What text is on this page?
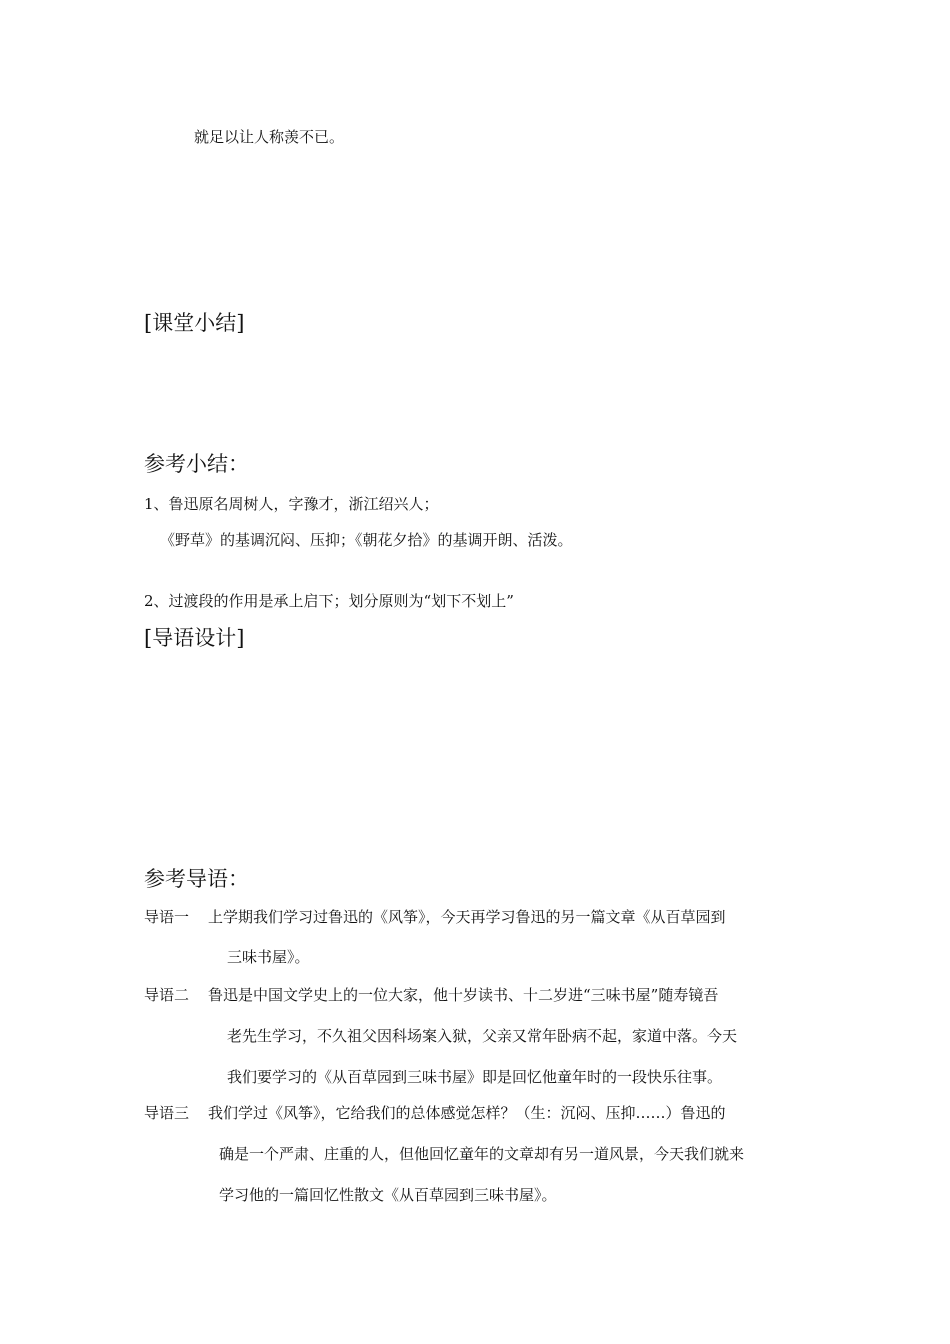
就足以让人称羡不已。
[课堂小结]
参考小结：
1、鲁迅原名周树人，字豫才，浙江绍兴人；
《野草》的基调沉闷、压抑；《朝花夕拾》的基调开朗、活泼。
2、过渡段的作用是承上启下；划分原则为“划下不划上”
[导语设计]
参考导语：
导语一 上学期我们学习过鲁迅的《风筝》，今天再学习鲁迅的另一篇文章《从百草园到
三味书屋》。
导语二 鲁迅是中国文学史上的一位大家，他十岁读书、十二岁进“三味书屋”随寿镜吾
老先生学习，不久祖父因科场案入狱，父亲又常年卧病不起，家道中落。今天
我们要学习的《从百草园到三味书屋》即是回忆他童年时的一段快乐往事。
导语三 我们学过《风筝》，它给我们的总体感觉怎样？（生：沉闷、压抑……）鲁迅的
确是一个严肃、庄重的人，但他回忆童年的文章却有另一道风景，今天我们就来
学习他的一篇回忆性散文《从百草园到三味书屋》。
